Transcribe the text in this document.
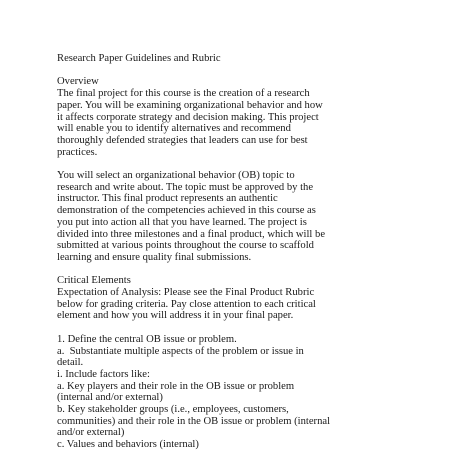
Research Paper Guidelines and Rubric
Overview
The final project for this course is the creation of a research
paper. You will be examining organizational behavior and how
it affects corporate strategy and decision making. This project
will enable you to identify alternatives and recommend
thoroughly defended strategies that leaders can use for best
practices.
You will select an organizational behavior (OB) topic to
research and write about. The topic must be approved by the
instructor. This final product represents an authentic
demonstration of the competencies achieved in this course as
you put into action all that you have learned. The project is
divided into three milestones and a final product, which will be
submitted at various points throughout the course to scaffold
learning and ensure quality final submissions.
Critical Elements
Expectation of Analysis: Please see the Final Product Rubric
below for grading criteria. Pay close attention to each critical
element and how you will address it in your final paper.
1. Define the central OB issue or problem.
a.  Substantiate multiple aspects of the problem or issue in
detail.
i. Include factors like:
a. Key players and their role in the OB issue or problem
(internal and/or external)
b. Key stakeholder groups (i.e., employees, customers,
communities) and their role in the OB issue or problem (internal
and/or external)
c. Values and behaviors (internal)
